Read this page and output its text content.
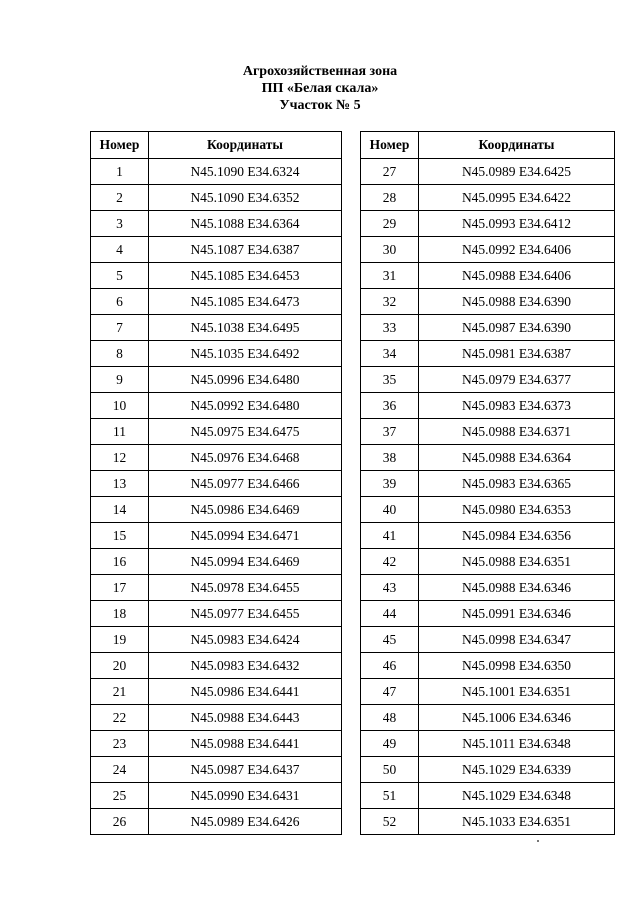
Агрохозяйственная зона
ПП «Белая скала»
Участок № 5
Номер	Координаты
1	N45.1090 E34.6324
2	N45.1090 E34.6352
3	N45.1088 E34.6364
4	N45.1087 E34.6387
5	N45.1085 E34.6453
6	N45.1085 E34.6473
7	N45.1038 E34.6495
8	N45.1035 E34.6492
9	N45.0996 E34.6480
10	N45.0992 E34.6480
11	N45.0975 E34.6475
12	N45.0976 E34.6468
13	N45.0977 E34.6466
14	N45.0986 E34.6469
15	N45.0994 E34.6471
16	N45.0994 E34.6469
17	N45.0978 E34.6455
18	N45.0977 E34.6455
19	N45.0983 E34.6424
20	N45.0983 E34.6432
21	N45.0986 E34.6441
22	N45.0988 E34.6443
23	N45.0988 E34.6441
24	N45.0987 E34.6437
25	N45.0990 E34.6431
26	N45.0989 E34.6426
Номер	Координаты
27	N45.0989 E34.6425
28	N45.0995 E34.6422
29	N45.0993 E34.6412
30	N45.0992 E34.6406
31	N45.0988 E34.6406
32	N45.0988 E34.6390
33	N45.0987 E34.6390
34	N45.0981 E34.6387
35	N45.0979 E34.6377
36	N45.0983 E34.6373
37	N45.0988 E34.6371
38	N45.0988 E34.6364
39	N45.0983 E34.6365
40	N45.0980 E34.6353
41	N45.0984 E34.6356
42	N45.0988 E34.6351
43	N45.0988 E34.6346
44	N45.0991 E34.6346
45	N45.0998 E34.6347
46	N45.0998 E34.6350
47	N45.1001 E34.6351
48	N45.1006 E34.6346
49	N45.1011 E34.6348
50	N45.1029 E34.6339
51	N45.1029 E34.6348
52	N45.1033 E34.6351
